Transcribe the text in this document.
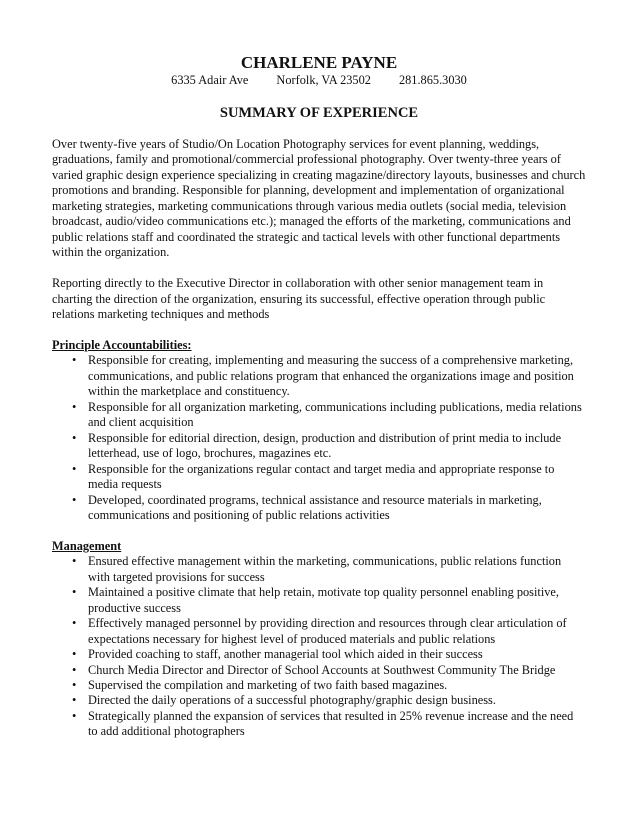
CHARLENE PAYNE

6335 Adair Ave Norfolk, VA 23502 281.865.3030

SUMMARY OF EXPERIENCE

Over twenty-five years of Studio/On Location Photography services for event planning, weddings, graduations, family and promotional/commercial professional photography. Over twenty-three years of varied graphic design experience specializing in creating magazine/directory layouts, businesses and church promotions and branding. Responsible for planning, development and implementation of organizational marketing strategies, marketing communications through various media outlets (social media, television broadcast, audio/video communications etc.); managed the efforts of the marketing, communications and public relations staff and coordinated the strategic and tactical levels with other functional departments within the organization.

Reporting directly to the Executive Director in collaboration with other senior management team in charting the direction of the organization, ensuring its successful, effective operation through public relations marketing techniques and methods

Principle Accountabilities:
• Responsible for creating, implementing and measuring the success of a comprehensive marketing, communications, and public relations program that enhanced the organizations image and position within the marketplace and constituency.
• Responsible for all organization marketing, communications including publications, media relations and client acquisition
• Responsible for editorial direction, design, production and distribution of print media to include letterhead, use of logo, brochures, magazines etc.
• Responsible for the organizations regular contact and target media and appropriate response to media requests
• Developed, coordinated programs, technical assistance and resource materials in marketing, communications and positioning of public relations activities
Management
• Ensured effective management within the marketing, communications, public relations function with targeted provisions for success
• Maintained a positive climate that help retain, motivate top quality personnel enabling positive, productive success
• Effectively managed personnel by providing direction and resources through clear articulation of expectations necessary for highest level of produced materials and public relations
• Provided coaching to staff, another managerial tool which aided in their success
• Church Media Director and Director of School Accounts at Southwest Community The Bridge
• Supervised the compilation and marketing of two faith based magazines.
• Directed the daily operations of a successful photography/graphic design business.
• Strategically planned the expansion of services that resulted in 25% revenue increase and the need to add additional photographers
